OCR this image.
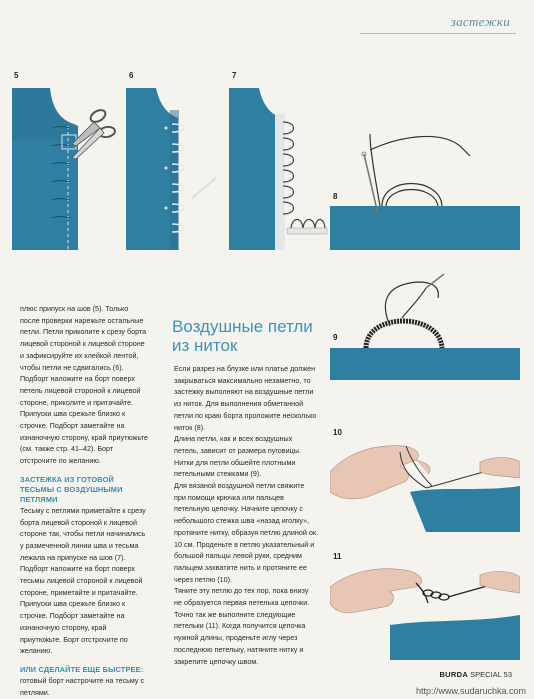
застежки
5	6	7
8
9
10
11

плюс припуск на шов (5). Только после проверки нарежьте остальные петли. Петли приколите к срезу борта лицевой стороной к лицевой стороне и зафиксируйте их клейкой лентой, чтобы петли не сдвигались (6). Подборт наложите на борт поверх петель лицевой стороной к лицевой стороне, приколите и притачайте. Припуски шва срежьте близко к строчке. Подборт заметайте на изнаночную сторону, край приутюжьте (см. также стр. 41–42). Борт отстрочите по желанию.

ЗАСТЕЖКА ИЗ ГОТОВОЙ ТЕСЬМЫ С ВОЗДУШНЫМИ ПЕТЛЯМИ

Тесьму с петлями приметайте к срезу борта лицевой стороной к лицевой стороне так, чтобы петли начинались у размеченной линии шва и тесьма лежала на припуске на шов (7). Подборт наложите на борт поверх тесьмы лицевой стороной к лицевой стороне, приметайте и притачайте. Припуски шва срежьте близко к строчке. Подборт заметайте на изнаночную сторону, край приутюжьте. Борт отстрочите по желанию.

ИЛИ СДЕЛАЙТЕ ЕЩЕ БЫСТРЕЕ:

готовый борт настрочите на тесьму с петлями.

Воздушные петли из ниток

Если разрез на блузке или платье должен закрываться максимально незаметно, то застежку выполняют на воздушные петли из ниток. Для выполнения обметанной петли по краю борта проложите несколько ниток (8).

Длина петли, как и всех воздушных петель, зависит от размера пуговицы. Нитки для петли обшейте плотными петельными стежками (9).

Для вязаной воздушной петли свяжите при помощи крючка или пальцев петельную цепочку. Начните цепочку с небольшого стежка шва «назад иголку», протяните нитку, образуя петлю длиной ок. 10 см. Проденьте в петлю указательный и большой пальцы левой руки, средним пальцем захватите нить и протяните ее через петлю (10).

Тяните эту петлю до тех пор, пока внизу не образуется первая петелька цепочки. Точно так же выполните следующие петельки (11). Когда получится цепочка нужной длины, проденьте иглу через последнюю петельку, натяните нитку и закрепите цепочку швом.

BURDA SPECIAL 53
http://www.sudaruchka.com
